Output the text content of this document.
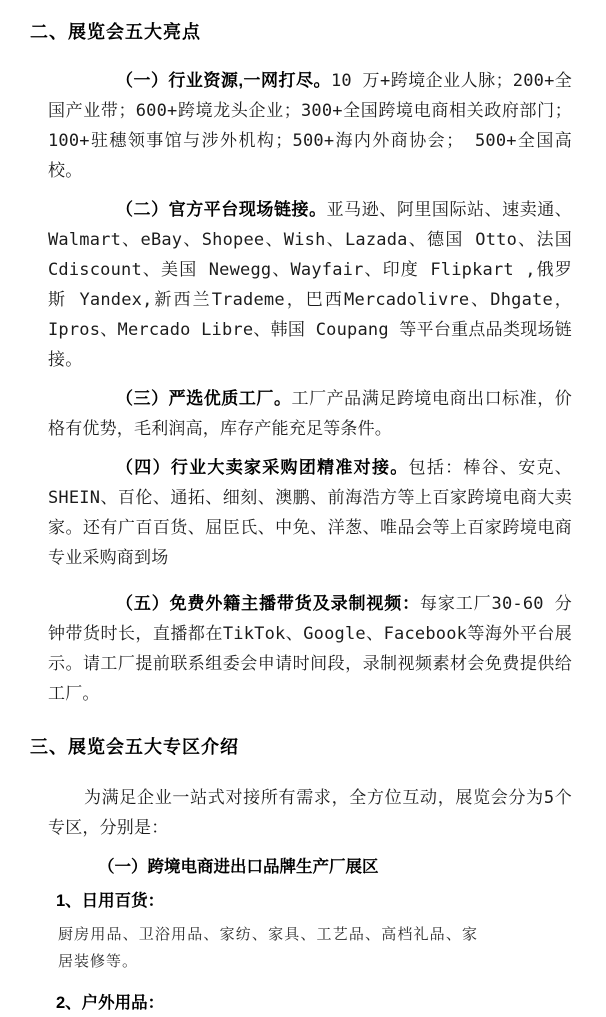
二、展览会五大亮点

（一）行业资源,一网打尽。10 万+跨境企业人脉；200+全国产业带；600+跨境龙头企业；300+全国跨境电商相关政府部门；100+驻穗领事馆与涉外机构；500+海内外商协会； 500+全国高校。

（二）官方平台现场链接。亚马逊、阿里国际站、速卖通、Walmart、eBay、Shopee、Wish、Lazada、德国 Otto、法国Cdiscount、美国 Newegg、Wayfair、印度 Flipkart ,俄罗斯 Yandex,新西兰Trademe，巴西Mercadolivre、Dhgate， Ipros、Mercado Libre、韩国 Coupang 等平台重点品类现场链接。

（三）严选优质工厂。工厂产品满足跨境电商出口标准，价格有优势，毛利润高，库存产能充足等条件。

（四）行业大卖家采购团精准对接。包括：棒谷、安克、 SHEIN、百伦、通拓、细刻、澳鹏、前海浩方等上百家跨境电商大卖家。还有广百百货、屈臣氏、中免、洋葱、唯品会等上百家跨境电商专业采购商到场

（五）免费外籍主播带货及录制视频：每家工厂30-60 分钟带货时长，直播都在TikTok、Google、Facebook等海外平台展示。请工厂提前联系组委会申请时间段，录制视频素材会免费提供给工厂。

三、展览会五大专区介绍

为满足企业一站式对接所有需求，全方位互动，展览会分为5个专区，分别是：

（一）跨境电商进出口品牌生产厂展区

1、日用百货：

厨房用品、卫浴用品、家纺、家具、工艺品、高档礼品、家居装修等。

2、户外用品：
